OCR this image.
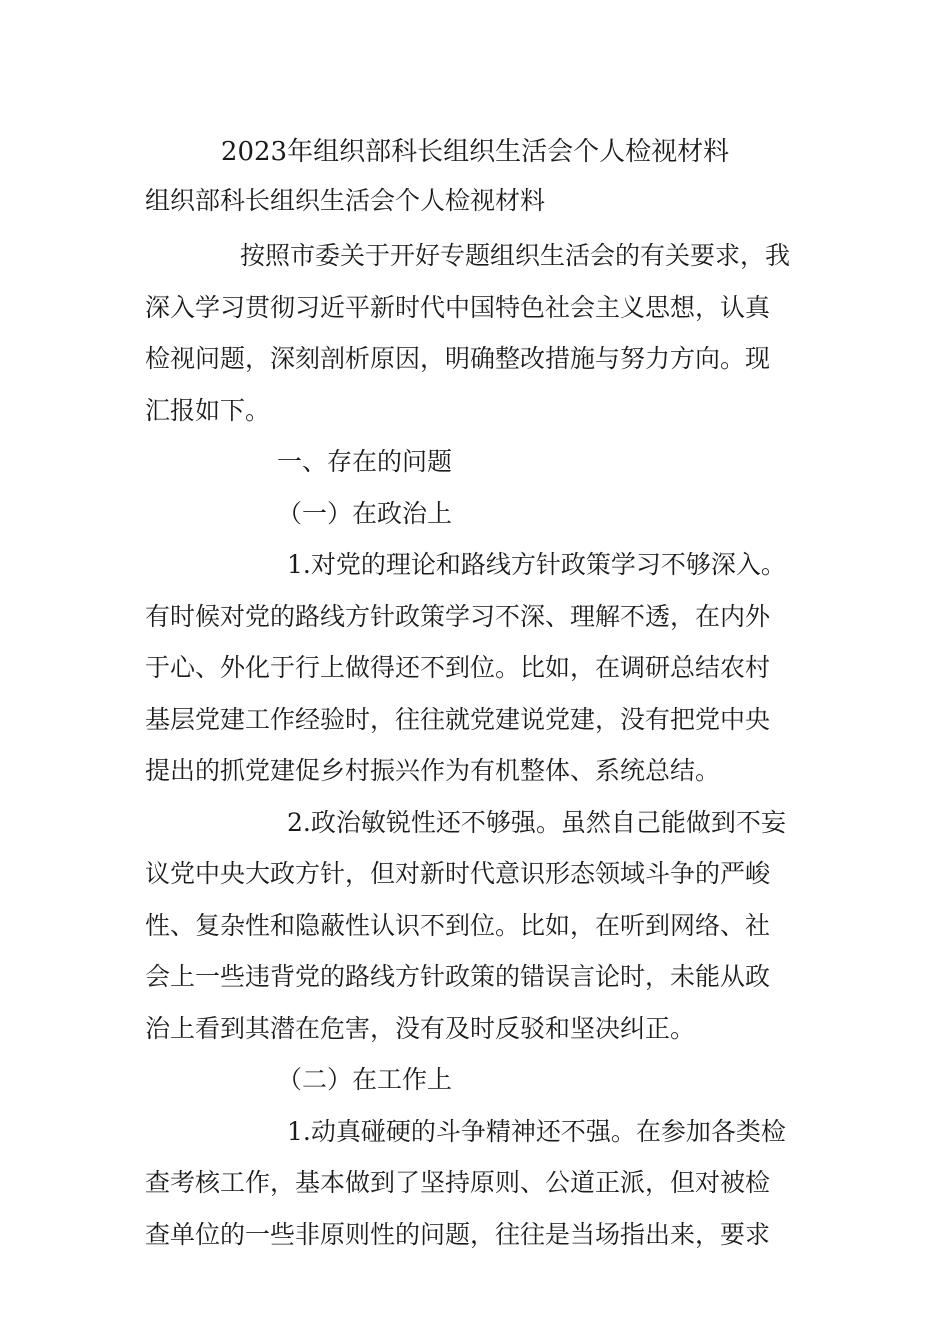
2023年组织部科长组织生活会个人检视材料
组织部科长组织生活会个人检视材料
按照市委关于开好专题组织生活会的有关要求，我
深入学习贯彻习近平新时代中国特色社会主义思想，认真
检视问题，深刻剖析原因，明确整改措施与努力方向。现
汇报如下。
一、存在的问题
（一）在政治上
1.对党的理论和路线方针政策学习不够深入。
有时候对党的路线方针政策学习不深、理解不透，在内外
于心、外化于行上做得还不到位。比如，在调研总结农村
基层党建工作经验时，往往就党建说党建，没有把党中央
提出的抓党建促乡村振兴作为有机整体、系统总结。
2.政治敏锐性还不够强。虽然自己能做到不妄
议党中央大政方针，但对新时代意识形态领域斗争的严峻
性、复杂性和隐蔽性认识不到位。比如，在听到网络、社
会上一些违背党的路线方针政策的错误言论时，未能从政
治上看到其潜在危害，没有及时反驳和坚决纠正。
（二）在工作上
1.动真碰硬的斗争精神还不强。在参加各类检
查考核工作，基本做到了坚持原则、公道正派，但对被检
查单位的一些非原则性的问题，往往是当场指出来，要求
